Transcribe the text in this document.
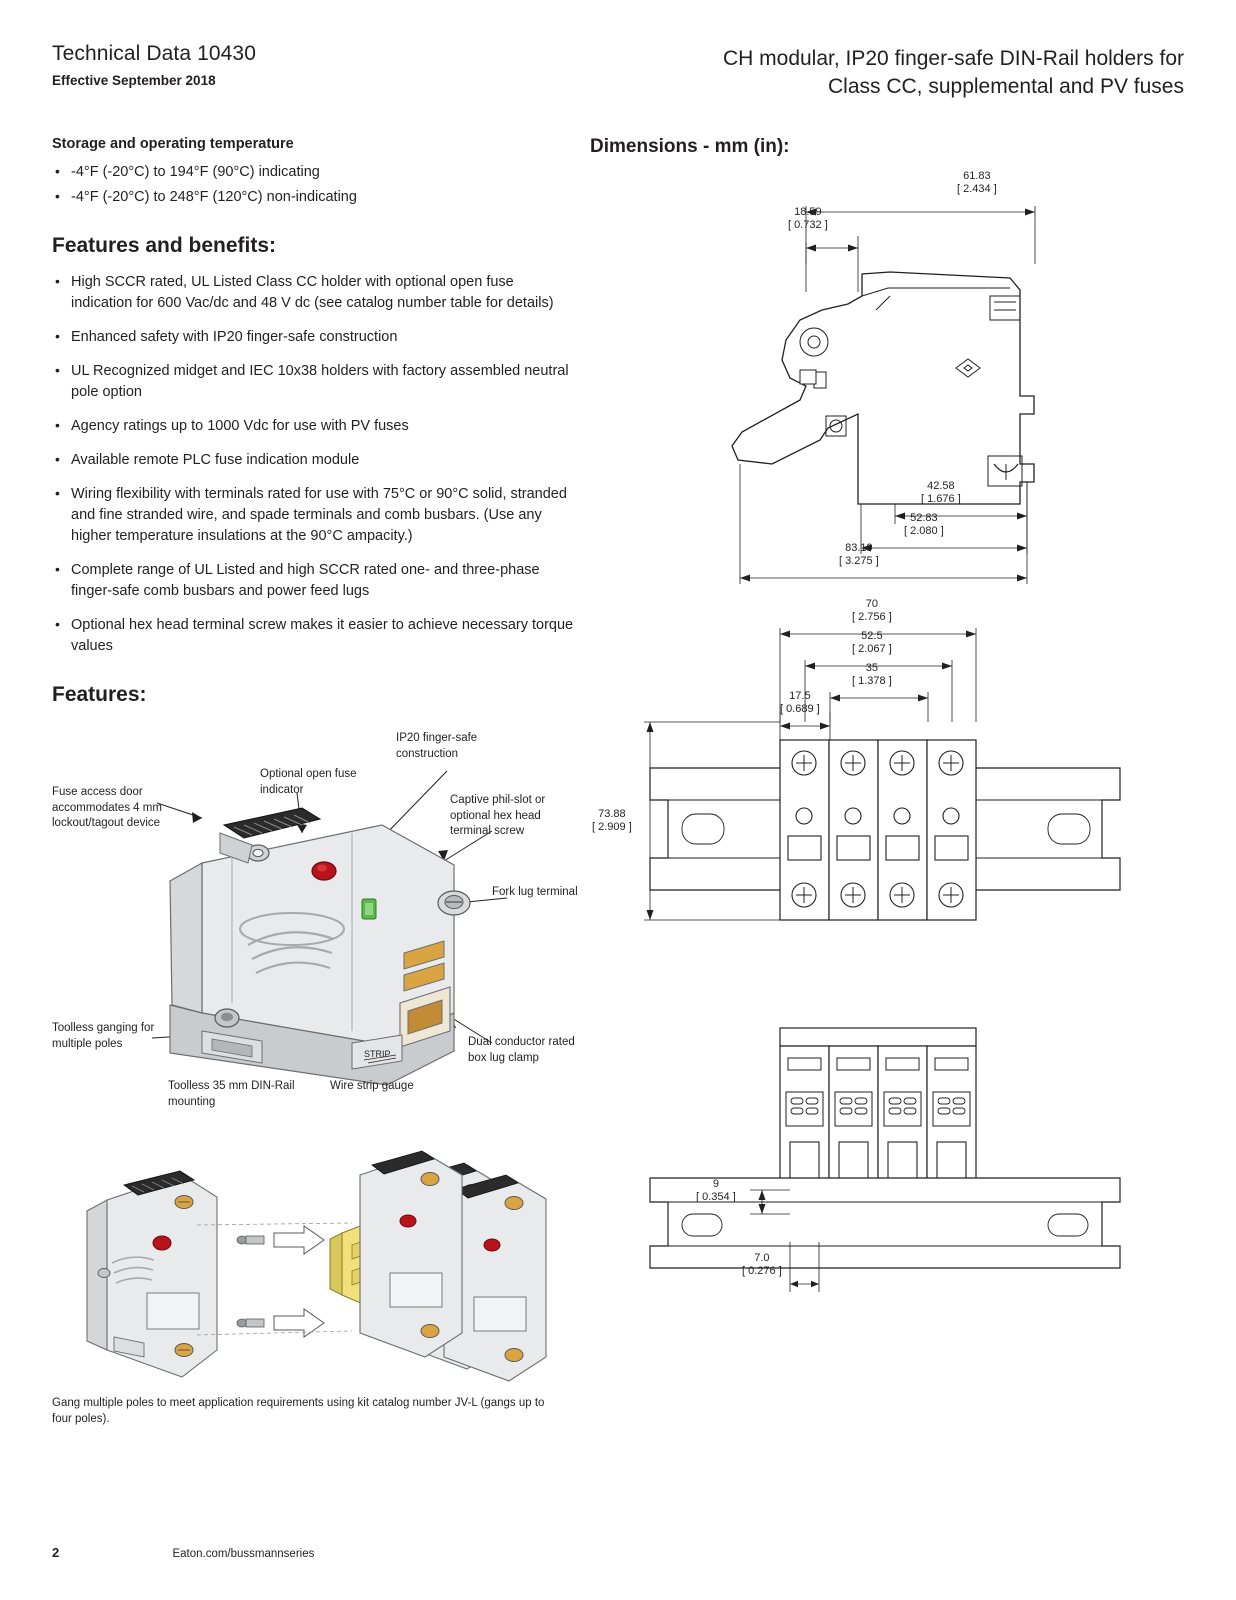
Technical Data 10430
Effective September 2018
CH modular, IP20 finger-safe DIN-Rail holders for
Class CC, supplemental and PV fuses
Storage and operating temperature
• -4°F (-20°C) to 194°F (90°C) indicating
• -4°F (-20°C) to 248°F (120°C) non-indicating
Features and benefits:
• High SCCR rated, UL Listed Class CC holder with optional open fuse indication for 600 Vac/dc and 48 V dc (see catalog number table for details)
• Enhanced safety with IP20 finger-safe construction
• UL Recognized midget and IEC 10x38 holders with factory assembled neutral pole option
• Agency ratings up to 1000 Vdc for use with PV fuses
• Available remote PLC fuse indication module
• Wiring flexibility with terminals rated for use with 75°C or 90°C solid, stranded and fine stranded wire, and spade terminals and comb busbars. (Use any higher temperature insulations at the 90°C ampacity.)
• Complete range of UL Listed and high SCCR rated one- and three-phase finger-safe comb busbars and power feed lugs
• Optional hex head terminal screw makes it easier to achieve necessary torque values
Features:
STRIP
Fuse access door accommodates 4 mm lockout/tagout device
Optional open fuse indicator
IP20 finger-safe construction
Captive phil-slot or optional hex head terminal screw
Fork lug terminal
Toolless ganging for multiple poles
Toolless 35 mm DIN-Rail mounting
Wire strip gauge
Dual conductor rated box lug clamp
Gang multiple poles to meet application requirements using kit catalog number JV-L (gangs up to four poles).
Dimensions - mm (in):
61.83
[ 2.434 ]
18.59
[ 0.732 ]
42.58
[ 1.676 ]
52.83
[ 2.080 ]
83.19
[ 3.275 ]
70
[ 2.756 ]
52.5
[ 2.067 ]
35
[ 1.378 ]
17.5
[ 0.689 ]
73.88
[ 2.909 ]
9
[ 0.354 ]
7.0
[ 0.276 ]
2	Eaton.com/bussmannseries
